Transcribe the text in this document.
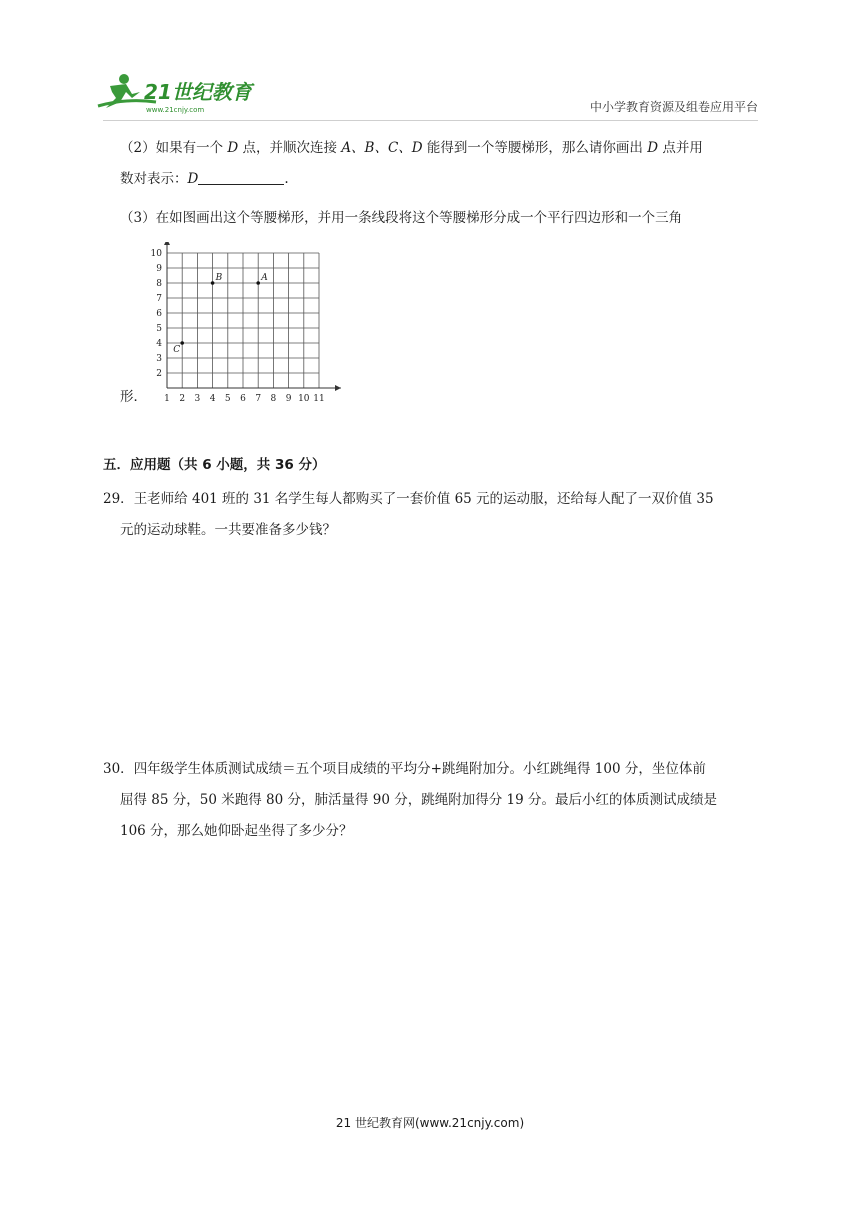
21世纪教育
www.21cnjy.com	中小学教育资源及组卷应用平台
（2）如果有一个 D 点，并顺次连接 A、B、C、D 能得到一个等腰梯形，那么请你画出 D 点并用
数对表示：D	.
（3）在如图画出这个等腰梯形，并用一条线段将这个等腰梯形分成一个平行四边形和一个三角
形．	1 2 3 4 5 6 7 8 9 10 11
2
3
4
5
6
7
8
9
10
B	A
C
五．应用题（共 6 小题，共 36 分）
29．王老师给 401 班的 31 名学生每人都购买了一套价值 65 元的运动服，还给每人配了一双价值 35
元的运动球鞋。一共要准备多少钱？
30．四年级学生体质测试成绩＝五个项目成绩的平均分+跳绳附加分。小红跳绳得 100 分，坐位体前
屈得 85 分，50 米跑得 80 分，肺活量得 90 分，跳绳附加得分 19 分。最后小红的体质测试成绩是
106 分，那么她仰卧起坐得了多少分？
21 世纪教育网(www.21cnjy.com)
